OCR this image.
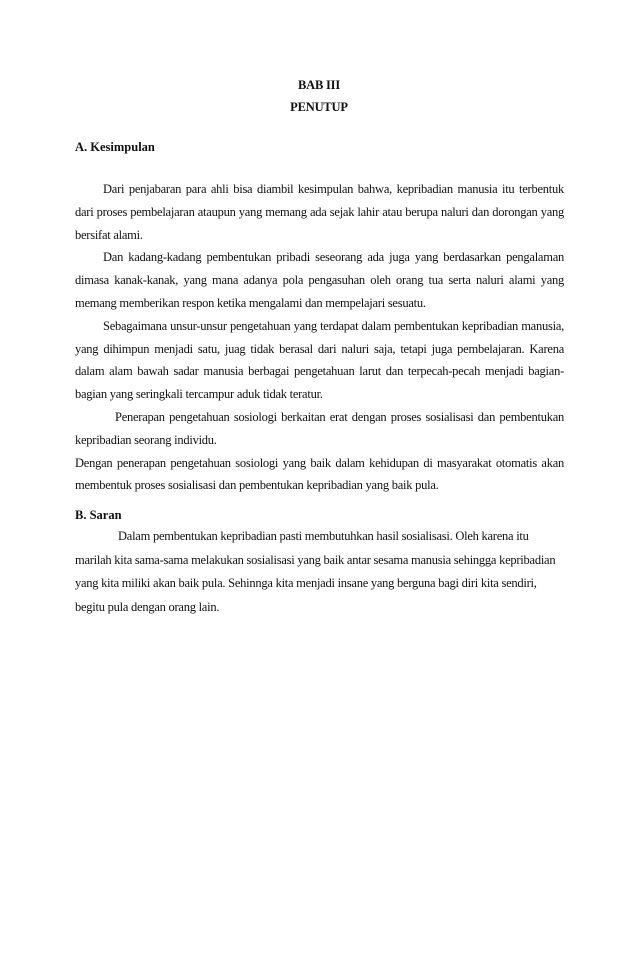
BAB III
PENUTUP
A. Kesimpulan

Dari penjabaran para ahli bisa diambil kesimpulan bahwa, kepribadian manusia itu terbentuk dari proses pembelajaran ataupun yang memang ada sejak lahir atau berupa naluri dan dorongan yang bersifat alami.

Dan kadang-kadang pembentukan pribadi seseorang ada juga yang berdasarkan pengalaman dimasa kanak-kanak, yang mana adanya pola pengasuhan oleh orang tua serta naluri alami yang memang memberikan respon ketika mengalami dan mempelajari sesuatu.

Sebagaimana unsur-unsur pengetahuan yang terdapat dalam pembentukan kepribadian manusia, yang dihimpun menjadi satu, juag tidak berasal dari naluri saja, tetapi juga pembelajaran. Karena dalam alam bawah sadar manusia berbagai pengetahuan larut dan terpecah-pecah menjadi bagian-bagian yang seringkali tercampur aduk tidak teratur.

Penerapan pengetahuan sosiologi berkaitan erat dengan proses sosialisasi dan pembentukan kepribadian seorang individu.

Dengan penerapan pengetahuan sosiologi yang baik dalam kehidupan di masyarakat otomatis akan membentuk proses sosialisasi dan pembentukan kepribadian yang baik pula.

B. Saran

Dalam pembentukan kepribadian pasti membutuhkan hasil sosialisasi. Oleh karena itu marilah kita sama-sama melakukan sosialisasi yang baik antar sesama manusia sehingga kepribadian yang kita miliki akan baik pula. Sehinnga kita menjadi insane yang berguna bagi diri kita sendiri, begitu pula dengan orang lain.
